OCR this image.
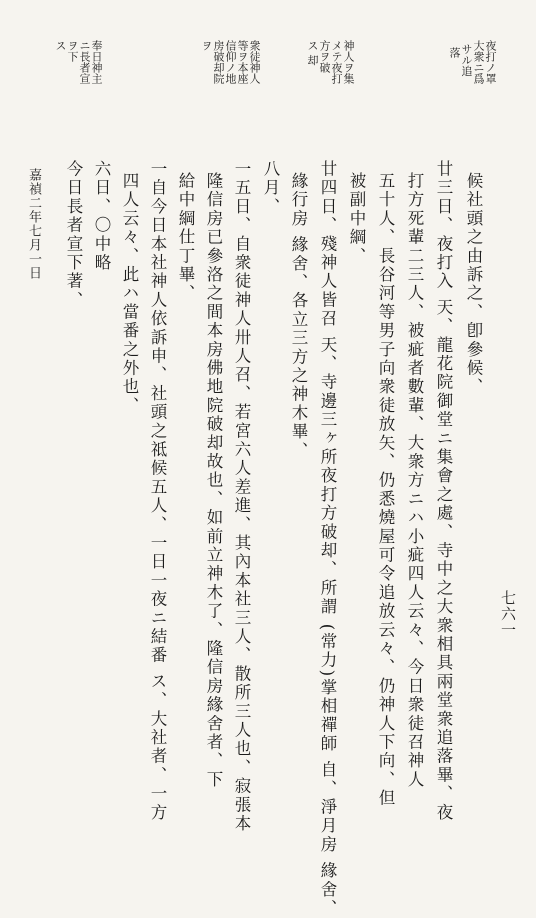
夜打ノ罩
大衆ニ爲
サル追
落
神人ヲ集
メテ夜打
方ヲ破
ス 却
衆徒神人
等ヲ本座
信仰ノ地
房破却院
ヲ
奉日神主
ニ長者宣
ヲ下
ス
候社頭之由訴之、卽參候、
廿三日、夜打入 天、龍花院御堂ニ集會之處、寺中之大衆相具兩堂衆追落畢、夜
打方死輩二三人、被疵者數輩、大衆方ニハ小疵四人云々、今日衆徒召神人
五十人、長谷河等男子向衆徒放矢、仍悉燒屋可令追放云々、仍神人下向、但
被副中綱、
廿四日、殘神人皆召 天、寺邊三ヶ所夜打方破却、所謂 (常力)掌相禪師 自、淨月房 緣舍、
緣行房 緣舍、各立三方之神木畢、
八月、
一五日、自衆徒神人卅人召、若宮六人差進、其內本社三人、散所三人也、寂張本
隆信房已參洛之間本房佛地院破却故也、如前立神木了、隆信房緣舍者、下
給中綱仕丁畢、
一自今日本社神人依訴申、社頭之祗候五人、一日一夜ニ結番 ス、大社者、一方
四人云々、此ハ當番之外也、
六日、〇中略
今日長者宣下著、
嘉禎二年七月一日
七六一
